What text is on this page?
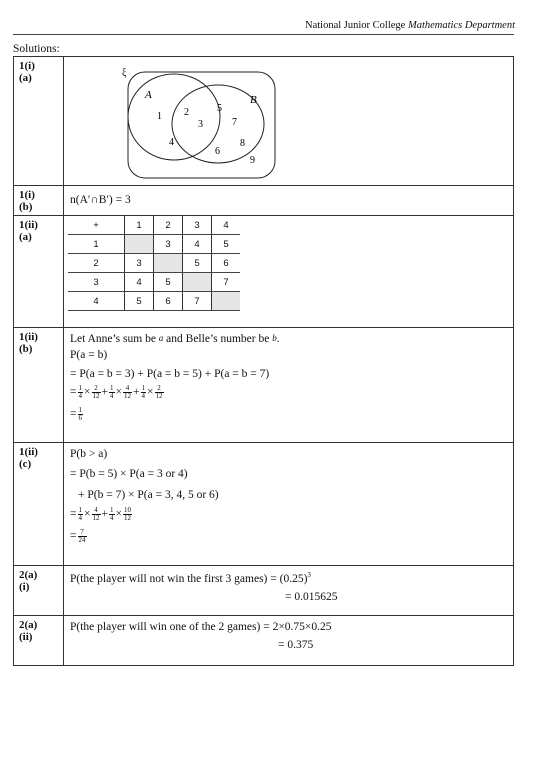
National Junior College Mathematics Department
Solutions:
1(i)
(a)	ξ
A	B
1 2
3
4
5
7
6
8
9

1(i)
(b)	
n(A′∩B′) = 3

1(ii)
(a)	
+	1	2	3	4
1		3	4	5
2	3		5	6
3	4	5		7
4	5	6	7	

1(ii)
(b)	
Let Anne’s sum be $^a$ and Belle’s number be $^b$.
P(a = b)
= P(a = b = 3) + P(a = b = 5) + P(a = b = 7)
= $\frac{1}{4} \times \frac{2}{12} + \frac{1}{4} \times \frac{4}{12} + \frac{1}{4} \times \frac{2}{12}$
= $\frac{1}{6}$

1(ii)
(c)	
P(b > a)
= P(b = 5) × P(a = 3 or 4)
+ P(b = 7) × P(a = 3, 4, 5 or 6)
= $\frac{1}{4} \times \frac{4}{12} + \frac{1}{4} \times \frac{10}{12}$
= $\frac{7}{24}$

2(a)
(i)	
P(the player will not win the first 3 games) = $(0.25)^3$
= 0.015625

2(a)
(ii)	
P(the player will win one of the 2 games) = 2×0.75×0.25
= 0.375
